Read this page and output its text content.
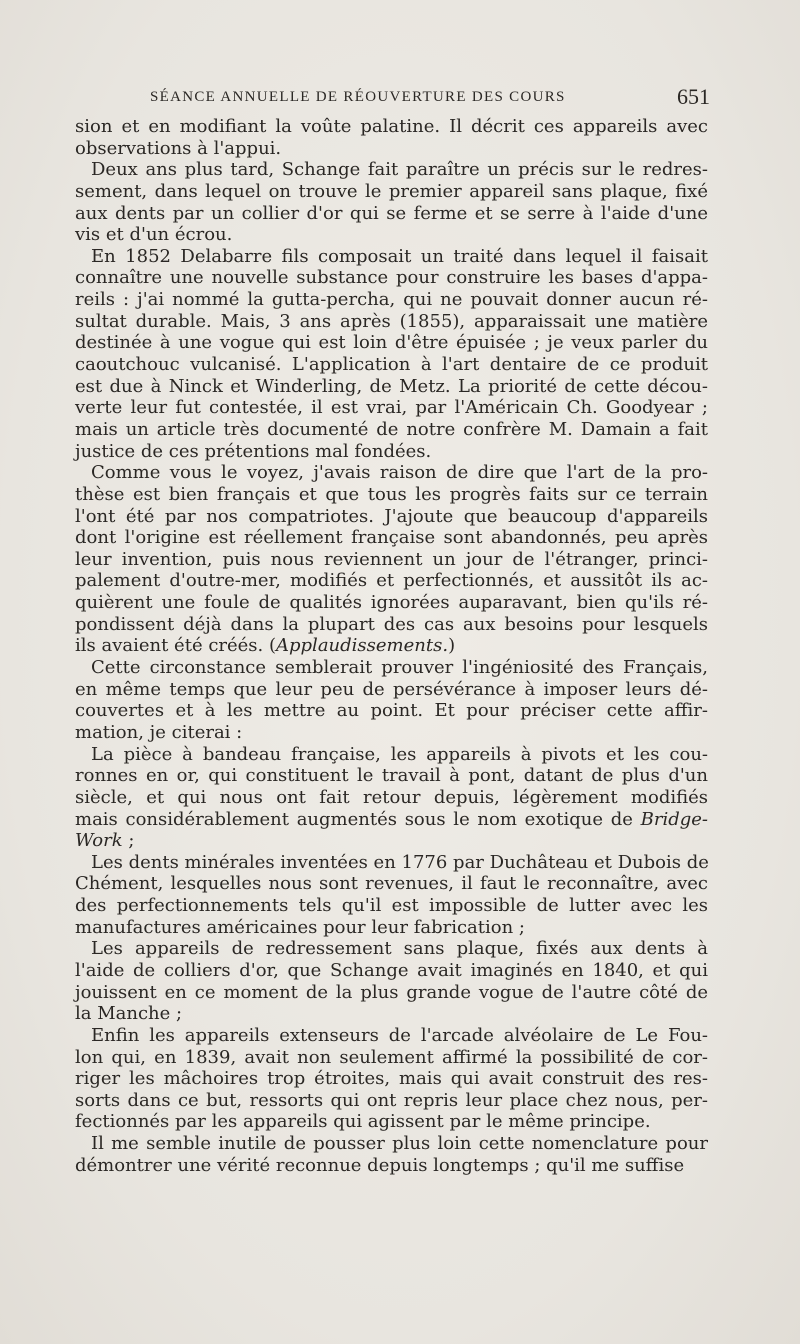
SÉANCE ANNUELLE DE RÉOUVERTURE DES COURS	651
sion et en modifiant la voûte palatine. Il décrit ces appareils avec
observations à l'appui.
Deux ans plus tard, Schange fait paraître un précis sur le redres-
sement, dans lequel on trouve le premier appareil sans plaque, fixé
aux dents par un collier d'or qui se ferme et se serre à l'aide d'une
vis et d'un écrou.
En 1852 Delabarre fils composait un traité dans lequel il faisait
connaître une nouvelle substance pour construire les bases d'appa-
reils : j'ai nommé la gutta-percha, qui ne pouvait donner aucun ré-
sultat durable. Mais, 3 ans après (1855), apparaissait une matière
destinée à une vogue qui est loin d'être épuisée ; je veux parler du
caoutchouc vulcanisé. L'application à l'art dentaire de ce produit
est due à Ninck et Winderling, de Metz. La priorité de cette décou-
verte leur fut contestée, il est vrai, par l'Américain Ch. Goodyear ;
mais un article très documenté de notre confrère M. Damain a fait
justice de ces prétentions mal fondées.
Comme vous le voyez, j'avais raison de dire que l'art de la pro-
thèse est bien français et que tous les progrès faits sur ce terrain
l'ont été par nos compatriotes. J'ajoute que beaucoup d'appareils
dont l'origine est réellement française sont abandonnés, peu après
leur invention, puis nous reviennent un jour de l'étranger, princi-
palement d'outre-mer, modifiés et perfectionnés, et aussitôt ils ac-
quièrent une foule de qualités ignorées auparavant, bien qu'ils ré-
pondissent déjà dans la plupart des cas aux besoins pour lesquels
ils avaient été créés. (Applaudissements.)
Cette circonstance semblerait prouver l'ingéniosité des Français,
en même temps que leur peu de persévérance à imposer leurs dé-
couvertes et à les mettre au point. Et pour préciser cette affir-
mation, je citerai :
La pièce à bandeau française, les appareils à pivots et les cou-
ronnes en or, qui constituent le travail à pont, datant de plus d'un
siècle, et qui nous ont fait retour depuis, légèrement modifiés
mais considérablement augmentés sous le nom exotique de Bridge-
Work ;
Les dents minérales inventées en 1776 par Duchâteau et Dubois de
Chément, lesquelles nous sont revenues, il faut le reconnaître, avec
des perfectionnements tels qu'il est impossible de lutter avec les
manufactures américaines pour leur fabrication ;
Les appareils de redressement sans plaque, fixés aux dents à
l'aide de colliers d'or, que Schange avait imaginés en 1840, et qui
jouissent en ce moment de la plus grande vogue de l'autre côté de
la Manche ;
Enfin les appareils extenseurs de l'arcade alvéolaire de Le Fou-
lon qui, en 1839, avait non seulement affirmé la possibilité de cor-
riger les mâchoires trop étroites, mais qui avait construit des res-
sorts dans ce but, ressorts qui ont repris leur place chez nous, per-
fectionnés par les appareils qui agissent par le même principe.
Il me semble inutile de pousser plus loin cette nomenclature pour
démontrer une vérité reconnue depuis longtemps ; qu'il me suffise
